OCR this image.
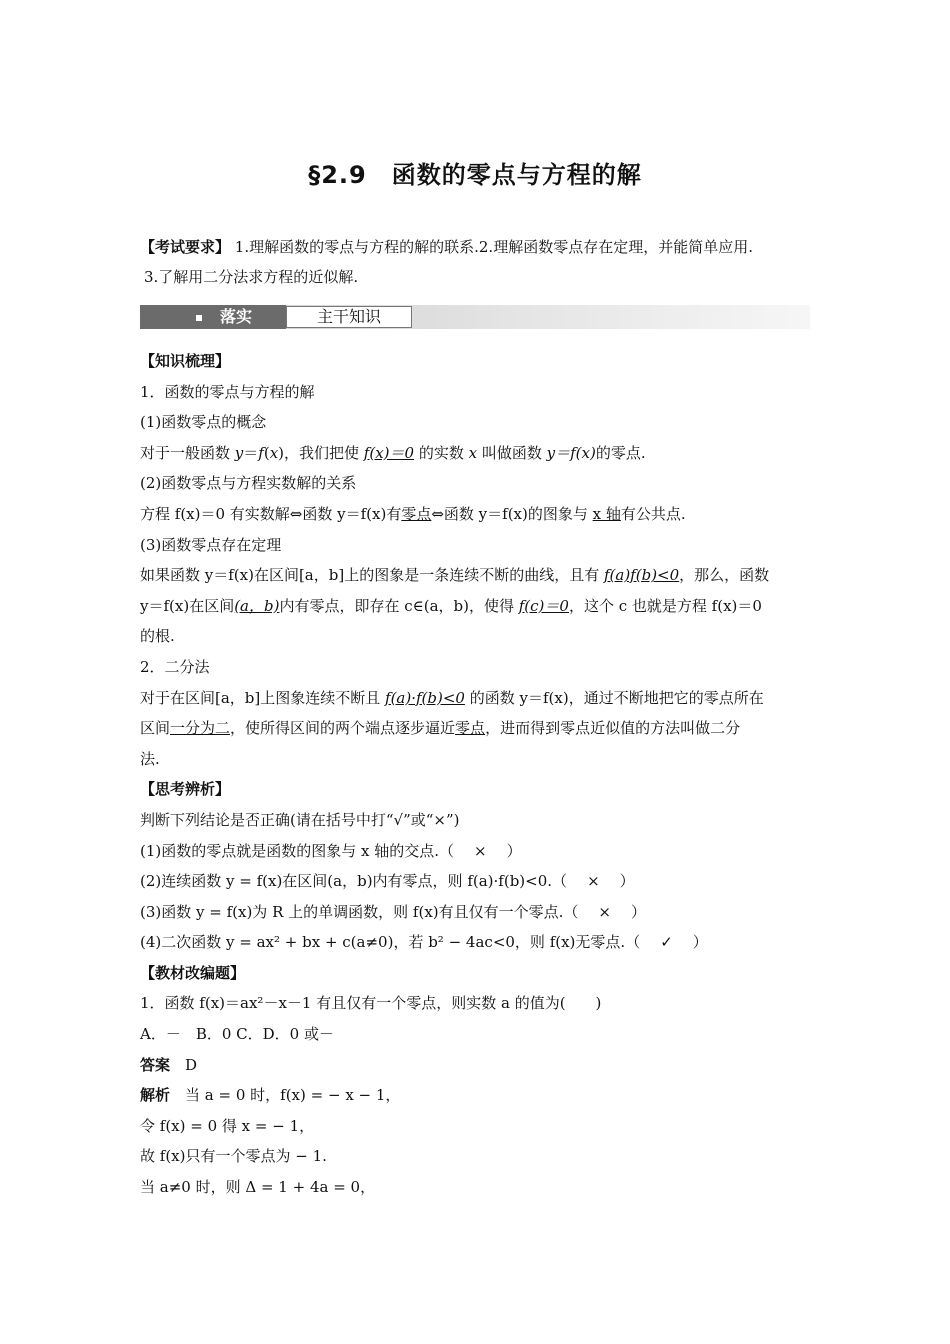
§2.9　函数的零点与方程的解
【考试要求】 1.理解函数的零点与方程的解的联系.2.理解函数零点存在定理，并能简单应用.
3.了解用二分法求方程的近似解.
落实	主干知识
【知识梳理】
1．函数的零点与方程的解
(1)函数零点的概念
对于一般函数 y＝f(x)，我们把使 f(x)＝0 的实数 x 叫做函数 y＝f(x)的零点.
(2)函数零点与方程实数解的关系
方程 f(x)＝0 有实数解⇔函数 y＝f(x)有零点⇔函数 y＝f(x)的图象与 x 轴有公共点.
(3)函数零点存在定理
如果函数 y＝f(x)在区间[a，b]上的图象是一条连续不断的曲线，且有 f(a)f(b)<0，那么，函数
y＝f(x)在区间(a，b)内有零点，即存在 c∈(a，b)，使得 f(c)＝0，这个 c 也就是方程 f(x)＝0
的根.
2．二分法
对于在区间[a，b]上图象连续不断且 f(a)·f(b)<0 的函数 y＝f(x)，通过不断地把它的零点所在
区间一分为二，使所得区间的两个端点逐步逼近零点，进而得到零点近似值的方法叫做二分
法.
【思考辨析】
判断下列结论是否正确(请在括号中打“√”或“×”)
(1)函数的零点就是函数的图象与 x 轴的交点.（ × ）
(2)连续函数 y = f(x)在区间(a，b)内有零点，则 f(a)·f(b)<0.（ × ）
(3)函数 y = f(x)为 R 上的单调函数，则 f(x)有且仅有一个零点.（ × ）
(4)二次函数 y = ax² + bx + c(a≠0)，若 b² − 4ac<0，则 f(x)无零点.（ ✓ ）
【教材改编题】
1．函数 f(x)＝ax²－x－1 有且仅有一个零点，则实数 a 的值为(　　)
A．－　B．0 C．D．0 或－
答案　 D
解析　 当 a = 0 时，f(x) = − x − 1，
令 f(x) = 0 得 x = − 1，
故 f(x)只有一个零点为 − 1.
当 a≠0 时，则 Δ = 1 + 4a = 0，
